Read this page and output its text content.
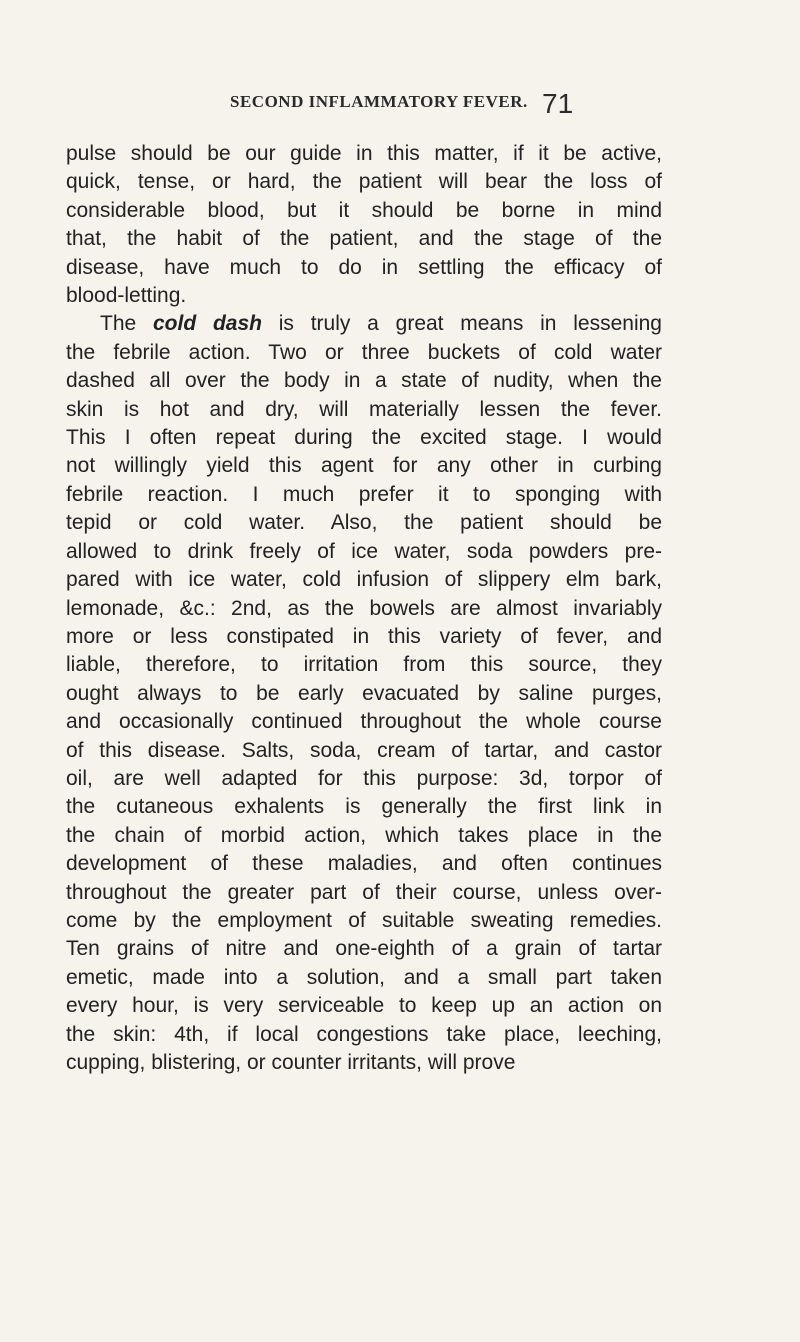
SECOND INFLAMMATORY FEVER. 71
pulse should be our guide in this matter, if it be active,
quick, tense, or hard, the patient will bear the loss of
considerable blood, but it should be borne in mind
that, the habit of the patient, and the stage of the
disease, have much to do in settling the efficacy of
blood-letting.
The cold dash is truly a great means in lessening
the febrile action. Two or three buckets of cold water
dashed all over the body in a state of nudity, when the
skin is hot and dry, will materially lessen the fever.
This I often repeat during the excited stage. I would
not willingly yield this agent for any other in curbing
febrile reaction. I much prefer it to sponging with
tepid or cold water. Also, the patient should be
allowed to drink freely of ice water, soda powders pre-
pared with ice water, cold infusion of slippery elm bark,
lemonade, &c.: 2nd, as the bowels are almost invariably
more or less constipated in this variety of fever, and
liable, therefore, to irritation from this source, they
ought always to be early evacuated by saline purges,
and occasionally continued throughout the whole course
of this disease. Salts, soda, cream of tartar, and castor
oil, are well adapted for this purpose: 3d, torpor of
the cutaneous exhalents is generally the first link in
the chain of morbid action, which takes place in the
development of these maladies, and often continues
throughout the greater part of their course, unless over-
come by the employment of suitable sweating remedies.
Ten grains of nitre and one-eighth of a grain of tartar
emetic, made into a solution, and a small part taken
every hour, is very serviceable to keep up an action on
the skin: 4th, if local congestions take place, leeching,
cupping, blistering, or counter irritants, will prove
